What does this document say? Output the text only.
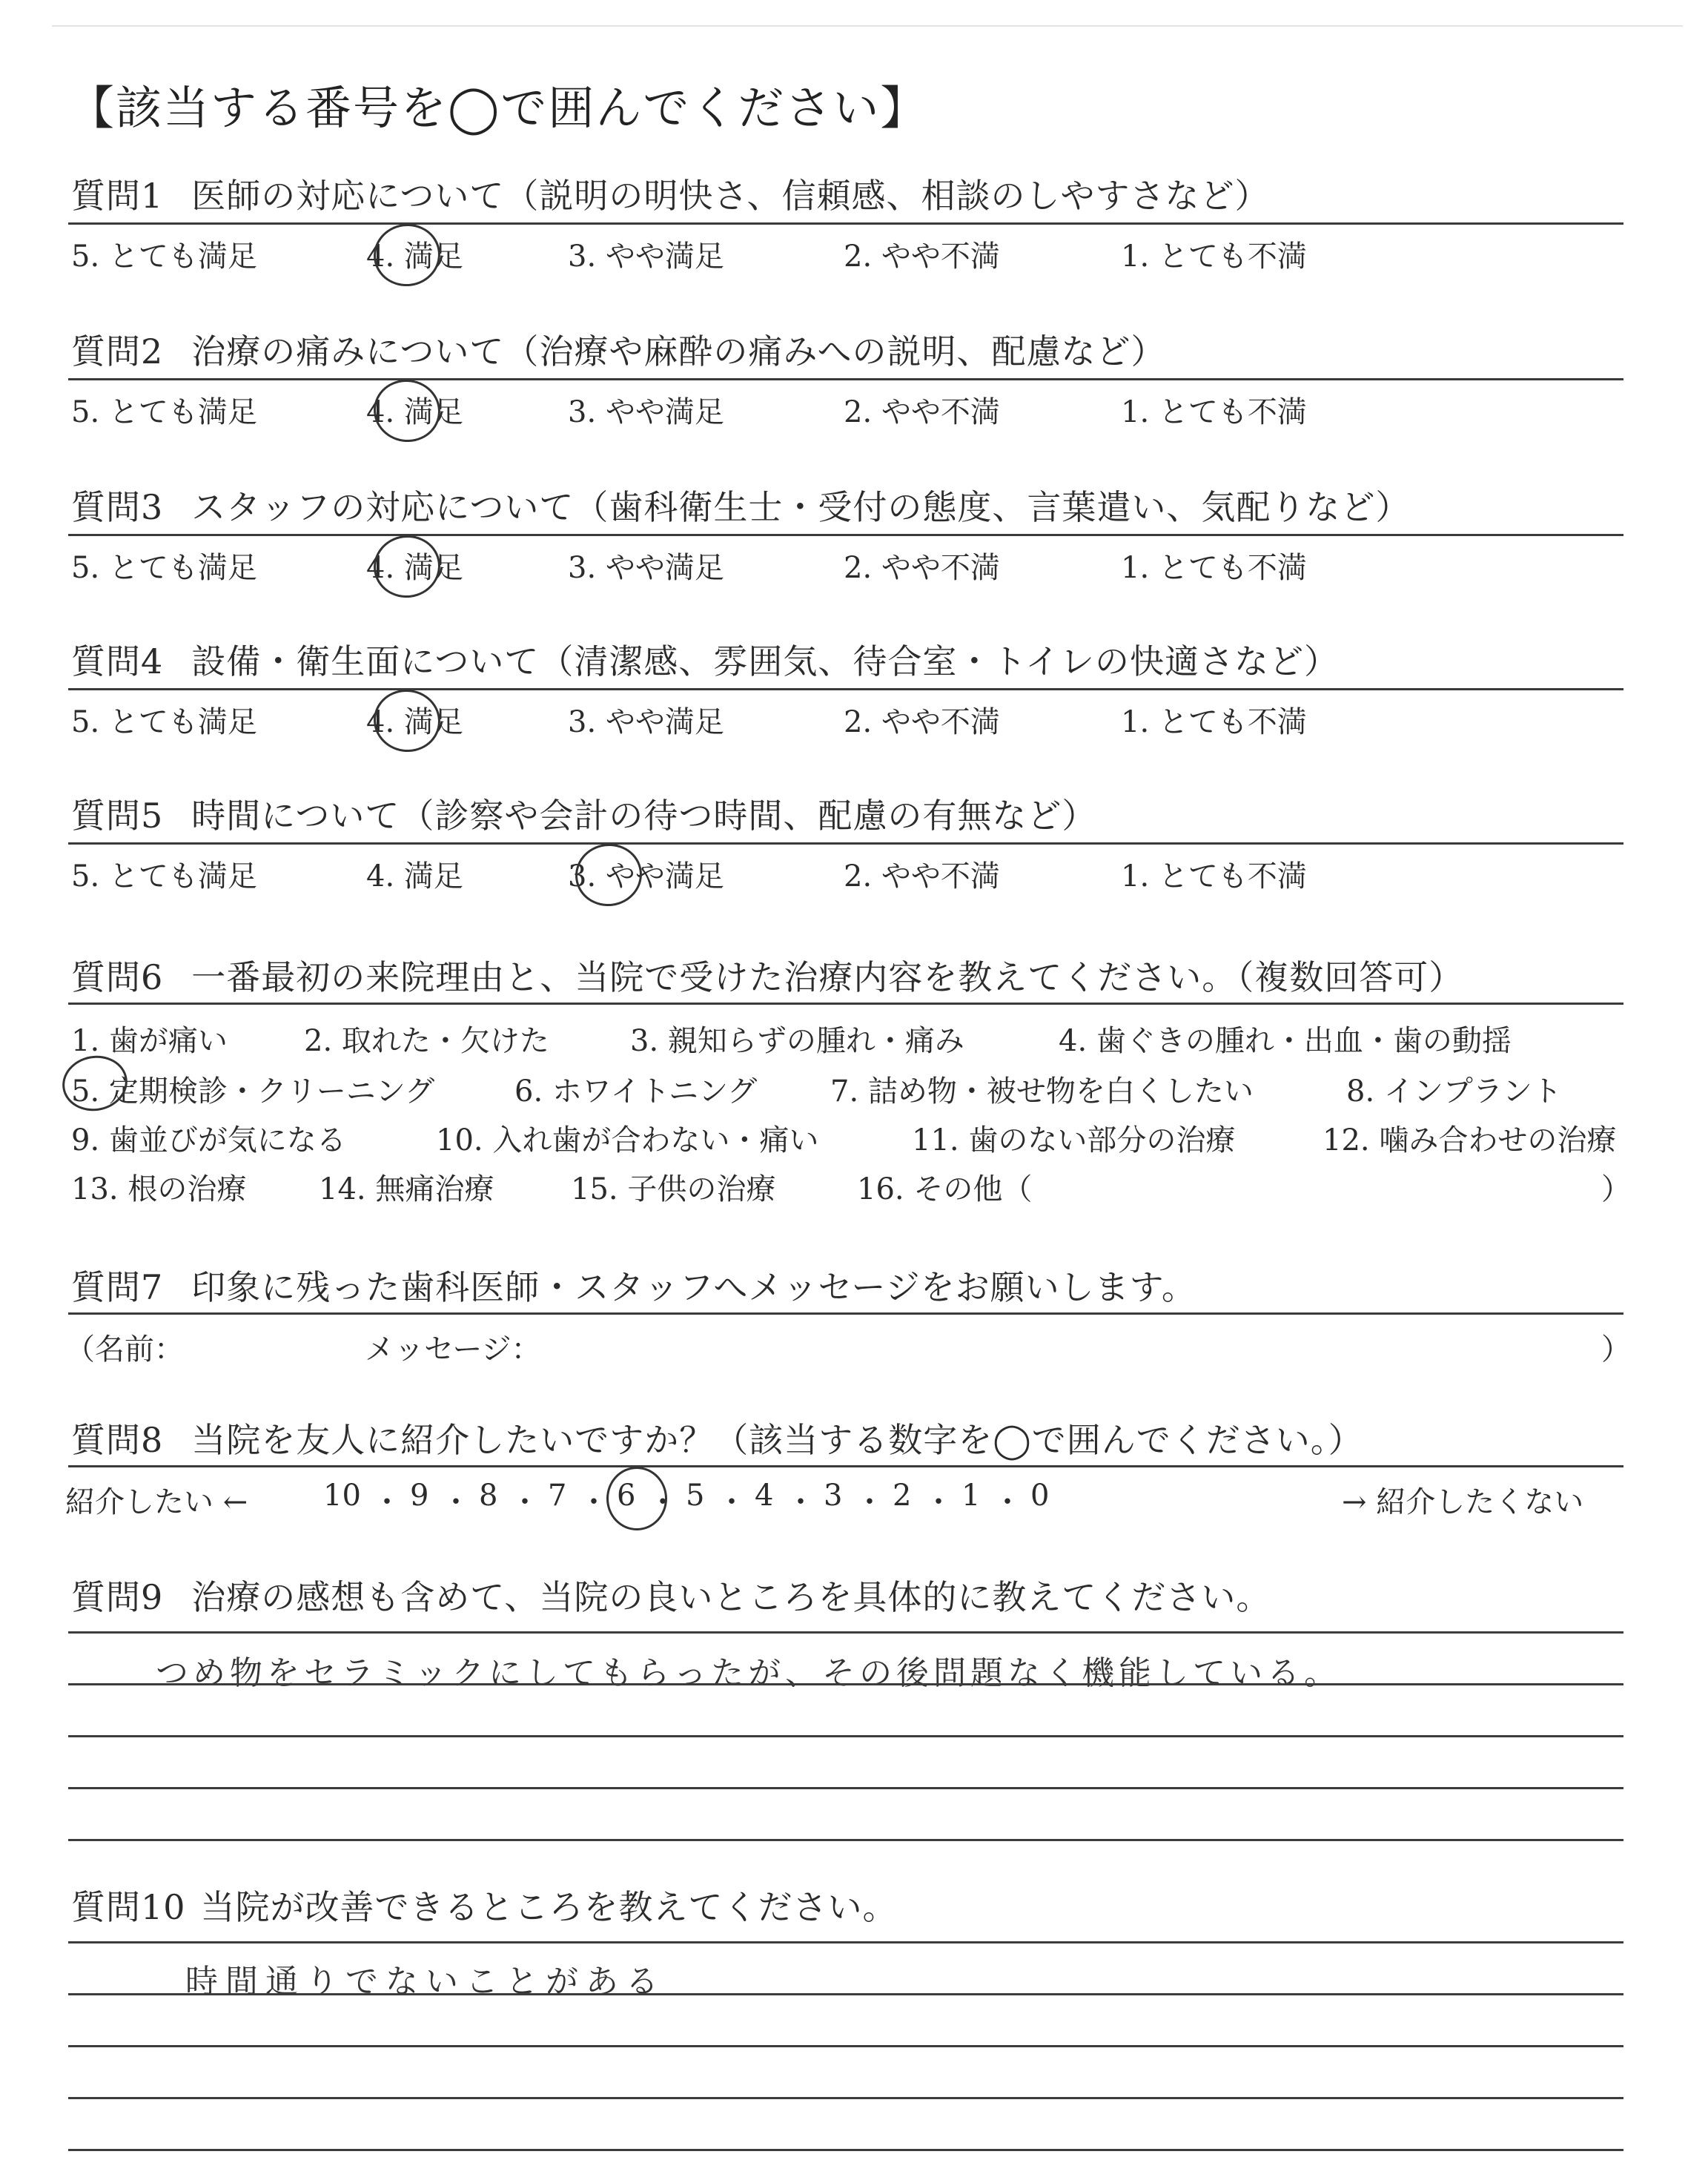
【該当する番号を◯で囲んでください】
質問1 医師の対応について（説明の明快さ、信頼感、相談のしやすさなど）
5. とても満足	4. 満足	3. やや満足	2. やや不満	1. とても不満
質問2 治療の痛みについて（治療や麻酔の痛みへの説明、配慮など）
5. とても満足	4. 満足	3. やや満足	2. やや不満	1. とても不満
質問3 スタッフの対応について（歯科衛生士・受付の態度、言葉遣い、気配りなど）
5. とても満足	4. 満足	3. やや満足	2. やや不満	1. とても不満
質問4 設備・衛生面について（清潔感、雰囲気、待合室・トイレの快適さなど）
5. とても満足	4. 満足	3. やや満足	2. やや不満	1. とても不満
質問5 時間について（診察や会計の待つ時間、配慮の有無など）
5. とても満足	4. 満足	3. やや満足	2. やや不満	1. とても不満
質問6 一番最初の来院理由と、当院で受けた治療内容を教えてください。（複数回答可）
1. 歯が痛い	2. 取れた・欠けた	3. 親知らずの腫れ・痛み	4. 歯ぐきの腫れ・出血・歯の動揺
5. 定期検診・クリーニング	6. ホワイトニング 7. 詰め物・被せ物を白くしたい	8. インプラント
9. 歯並びが気になる	10. 入れ歯が合わない・痛い	11. 歯のない部分の治療	12. 噛み合わせの治療
13. 根の治療 14. 無痛治療	15. 子供の治療	16. その他（	）
質問7 印象に残った歯科医師・スタッフへメッセージをお願いします。
（名前：	メッセージ：	）
質問8 当院を友人に紹介したいですか？（該当する数字を◯で囲んでください。）
紹介したい ←	10 ・ 9 ・ 8 ・ 7 ・ 6 ・ 5 ・ 4 ・ 3 ・ 2 ・ 1 ・ 0	→ 紹介したくない
質問9 治療の感想も含めて、当院の良いところを具体的に教えてください。
つめ物をセラミックにしてもらったが、その後問題なく機能している。
質問10 当院が改善できるところを教えてください。
時間通りでないことがある
